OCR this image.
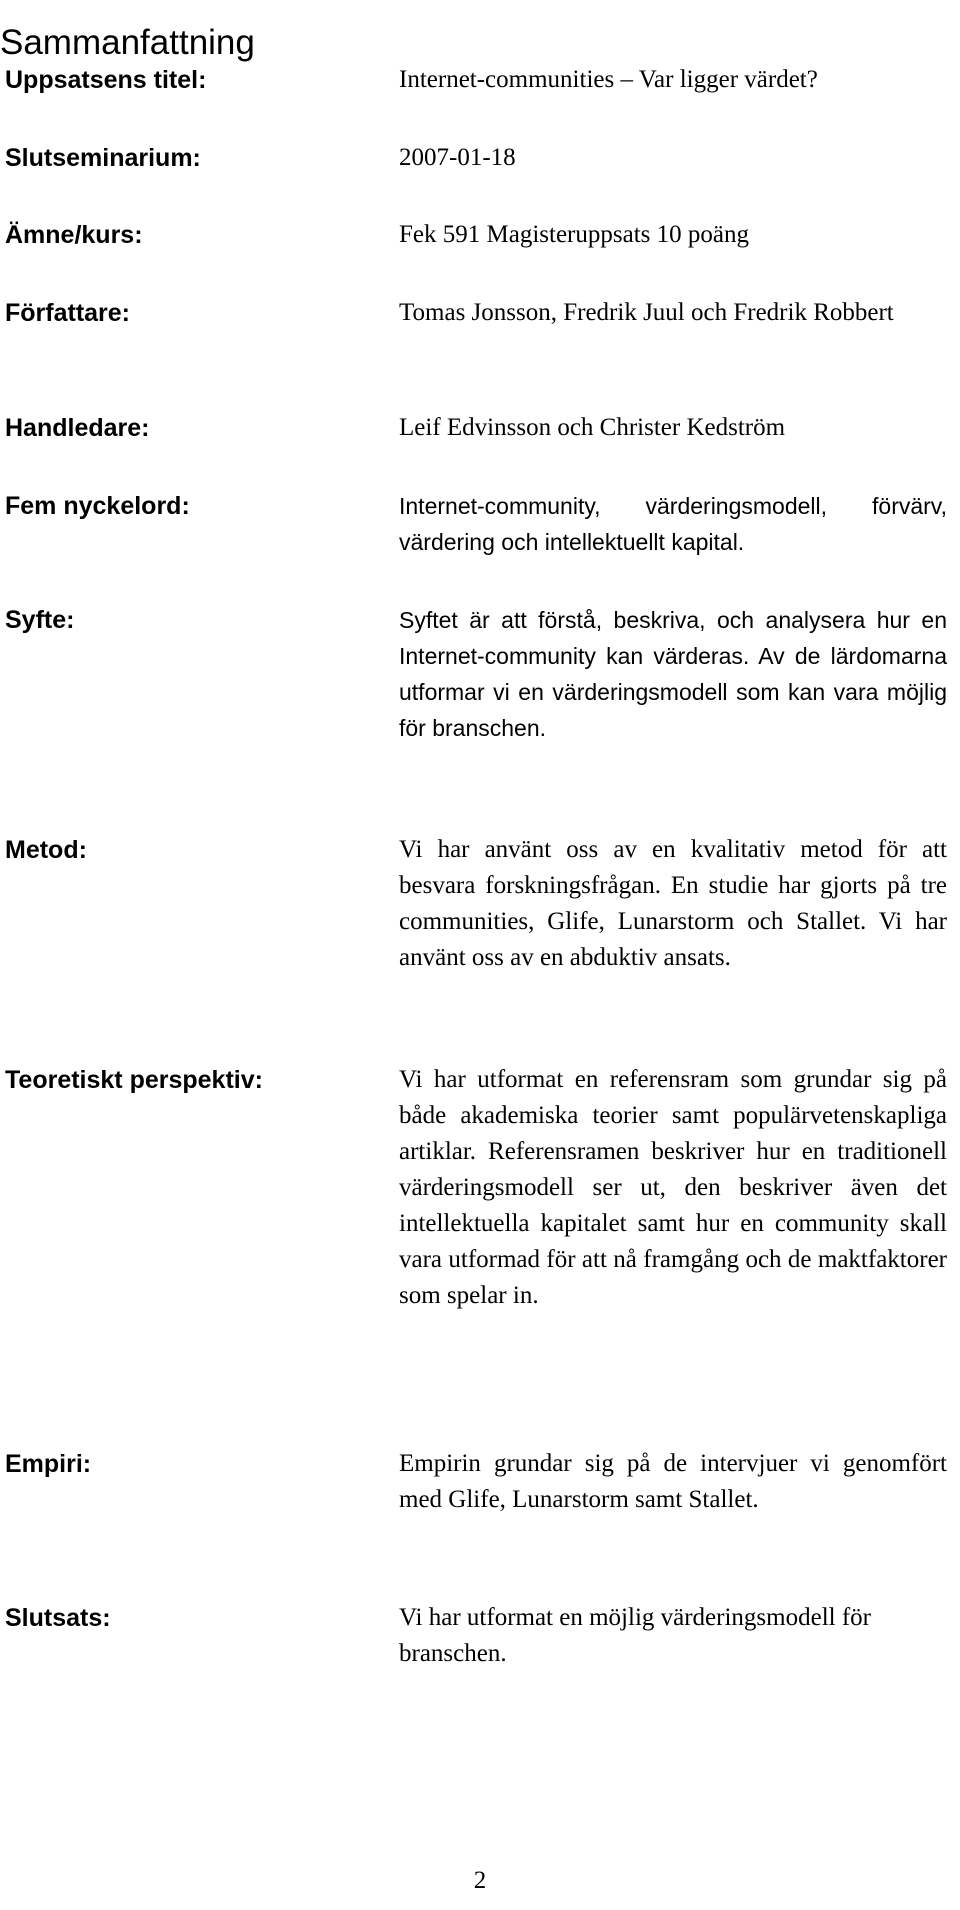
Sammanfattning
Uppsatsens titel:	Internet-communities – Var ligger värdet?

Slutseminarium:	2007-01-18

Ämne/kurs:	Fek 591 Magisteruppsats 10 poäng

Författare:	Tomas Jonsson, Fredrik Juul och Fredrik Robbert

Handledare:	Leif Edvinsson och Christer Kedström

Fem nyckelord:	Internet-community, värderingsmodell, förvärv, värdering och intellektuellt kapital.

Syfte:	Syftet är att förstå, beskriva, och analysera hur en Internet-community kan värderas. Av de lärdomarna utformar vi en värderingsmodell som kan vara möjlig för branschen.

Metod:	Vi har använt oss av en kvalitativ metod för att besvara forskningsfrågan. En studie har gjorts på tre communities, Glife, Lunarstorm och Stallet. Vi har använt oss av en abduktiv ansats.

Teoretiskt perspektiv:	Vi har utformat en referensram som grundar sig på både akademiska teorier samt populärvetenskapliga artiklar. Referensramen beskriver hur en traditionell värderingsmodell ser ut, den beskriver även det intellektuella kapitalet samt hur en community skall vara utformad för att nå framgång och de maktfaktorer som spelar in.

Empiri:	Empirin grundar sig på de intervjuer vi genomfört med Glife, Lunarstorm samt Stallet.

Slutsats:	Vi har utformat en möjlig värderingsmodell för branschen.

2
